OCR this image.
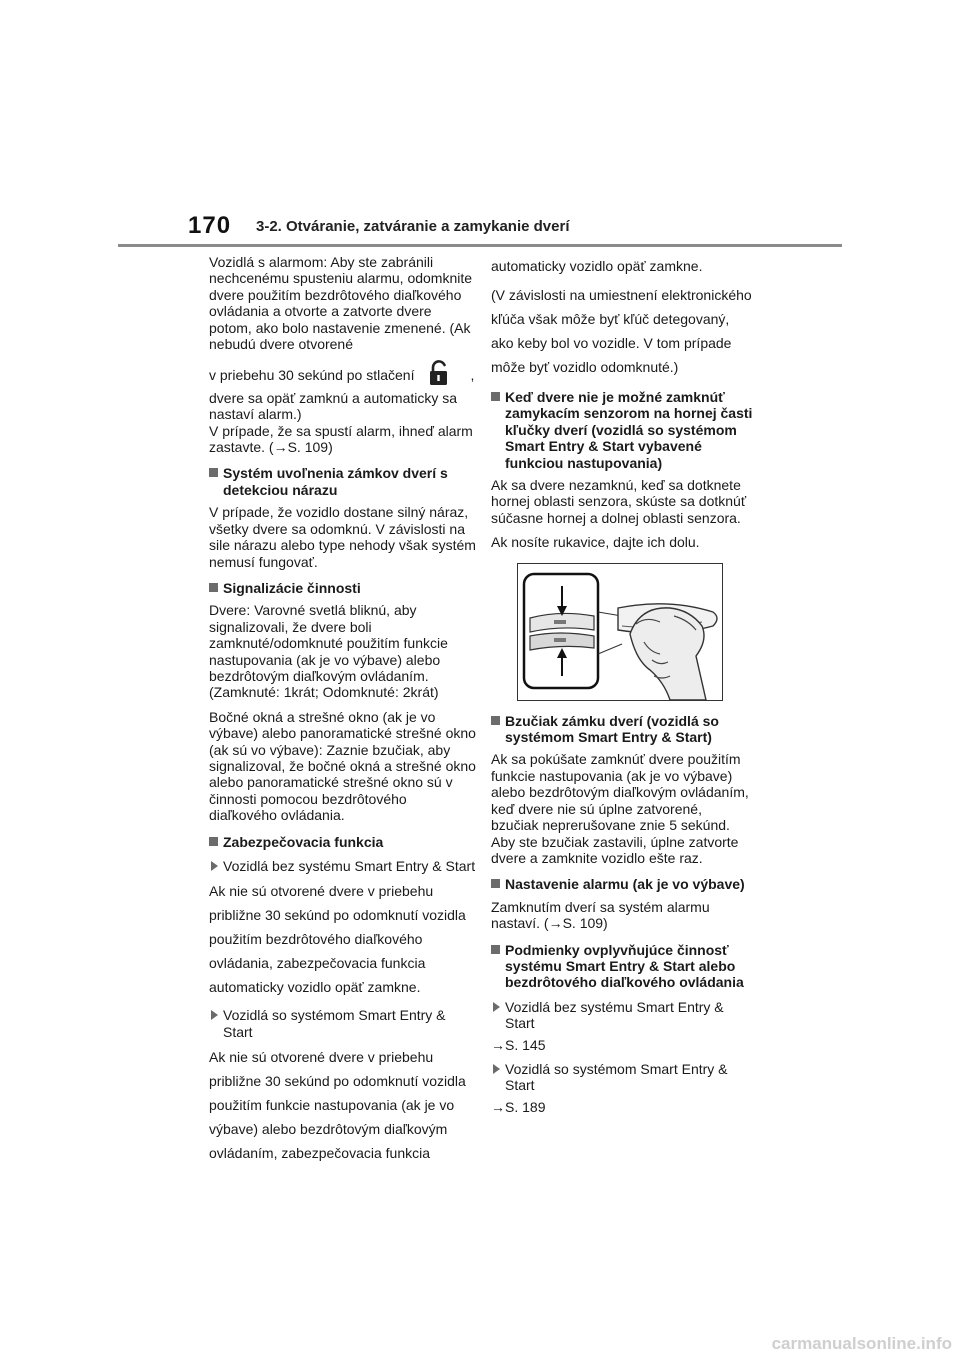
170 3-2. Otváranie, zatváranie a zamykanie dverí

Vozidlá s alarmom: Aby ste zabránili nechcenému spusteniu alarmu, odomknite dvere použitím bezdrôtového diaľkového ovládania a otvorte a zatvorte dvere potom, ako bolo nastavenie zmenené. (Ak nebudú dvere otvorené

v priebehu 30 sekúnd po stlačení	,
dvere sa opäť zamknú a automaticky sa nastaví alarm.)
V prípade, že sa spustí alarm, ihneď alarm zastavte. (→S. 109)

Systém uvoľnenia zámkov dverí s detekciou nárazu

V prípade, že vozidlo dostane silný náraz, všetky dvere sa odomknú. V závislosti na sile nárazu alebo type nehody však systém nemusí fungovať.

Signalizácie činnosti

Dvere: Varovné svetlá bliknú, aby signalizovali, že dvere boli zamknuté/odomknuté použitím funkcie nastupovania (ak je vo výbave) alebo bezdrôtovým diaľkovým ovládaním. (Zamknuté: 1krát; Odomknuté: 2krát)

Bočné okná a strešné okno (ak je vo výbave) alebo panoramatické strešné okno (ak sú vo výbave): Zaznie bzučiak, aby signalizoval, že bočné okná a strešné okno alebo panoramatické strešné okno sú v činnosti pomocou bezdrôtového diaľkového ovládania.

Zabezpečovacia funkcia
Vozidlá bez systému Smart Entry & Start

Ak nie sú otvorené dvere v priebehu približne 30 sekúnd po odomknutí vozidla použitím bezdrôtového diaľkového ovládania, zabezpečovacia funkcia automaticky vozidlo opäť zamkne.

Vozidlá so systémom Smart Entry & Start

Ak nie sú otvorené dvere v priebehu približne 30 sekúnd po odomknutí vozidla použitím funkcie nastupovania (ak je vo výbave) alebo bezdrôtovým diaľkovým ovládaním, zabezpečovacia funkcia

automaticky vozidlo opäť zamkne.

(V závislosti na umiestnení elektronického kľúča však môže byť kľúč detegovaný, ako keby bol vo vozidle. V tom prípade môže byť vozidlo odomknuté.)

Keď dvere nie je možné zamknúť zamykacím senzorom na hornej časti kľučky dverí (vozidlá so systémom Smart Entry & Start vybavené funkciou nastupovania)

Ak sa dvere nezamknú, keď sa dotknete hornej oblasti senzora, skúste sa dotknúť súčasne hornej a dolnej oblasti senzora.

Ak nosíte rukavice, dajte ich dolu.

Bzučiak zámku dverí (vozidlá so systémom Smart Entry & Start)

Ak sa pokúšate zamknúť dvere použitím funkcie nastupovania (ak je vo výbave) alebo bezdrôtovým diaľkovým ovládaním, keď dvere nie sú úplne zatvorené, bzučiak neprerušovane znie 5 sekúnd. Aby ste bzučiak zastavili, úplne zatvorte dvere a zamknite vozidlo ešte raz.

Nastavenie alarmu (ak je vo výbave)

Zamknutím dverí sa systém alarmu nastaví. (→S. 109)

Podmienky ovplyvňujúce činnosť systému Smart Entry & Start alebo bezdrôtového diaľkového ovládania
Vozidlá bez systému Smart Entry & Start

→S. 145

Vozidlá so systémom Smart Entry & Start

→S. 189

carmanualsonline.info
